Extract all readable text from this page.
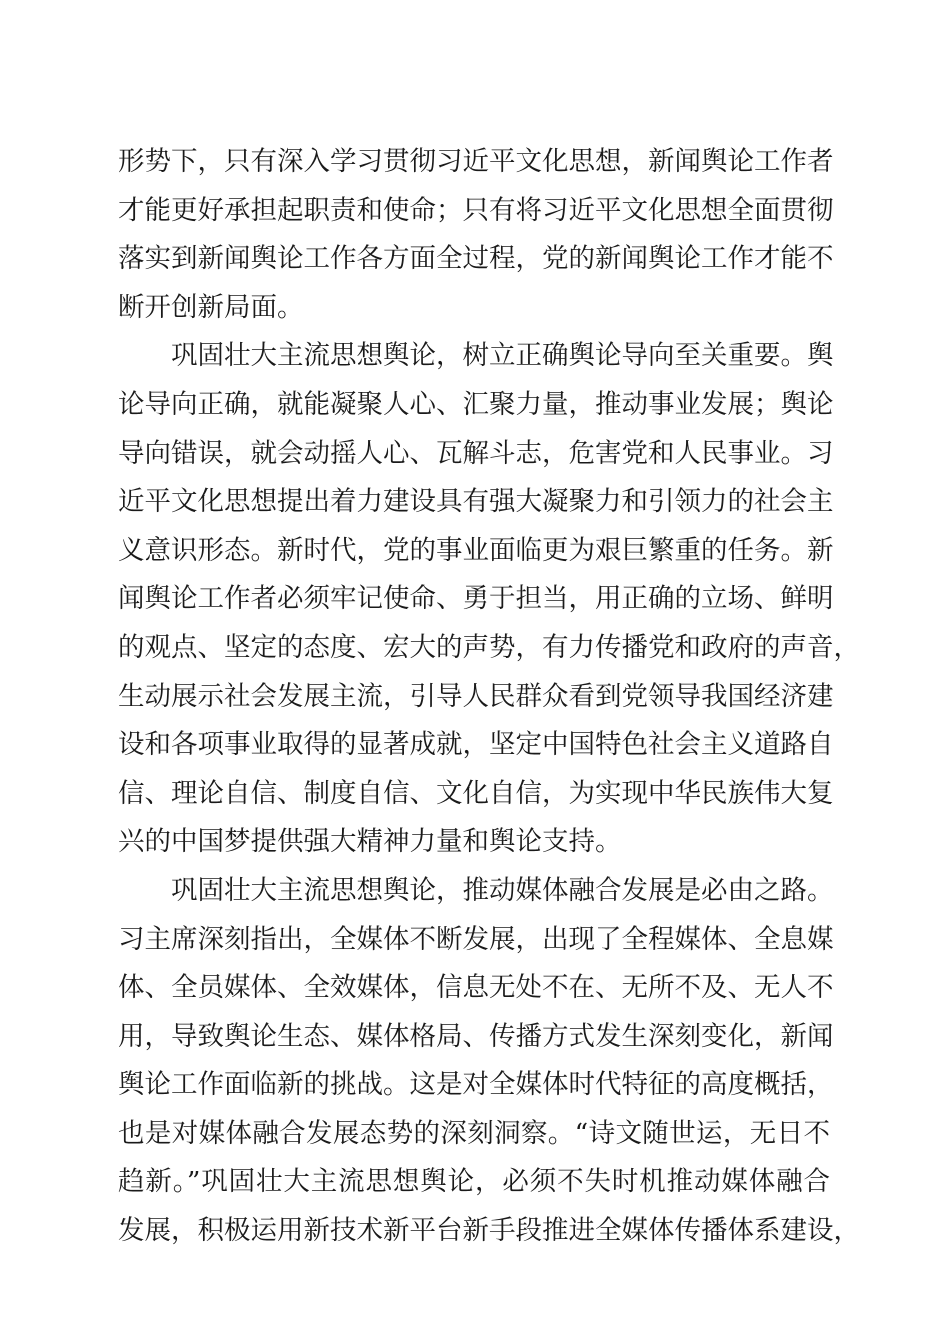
形势下，只有深入学习贯彻习近平文化思想，新闻舆论工作者
才能更好承担起职责和使命；只有将习近平文化思想全面贯彻
落实到新闻舆论工作各方面全过程，党的新闻舆论工作才能不
断开创新局面。
巩固壮大主流思想舆论，树立正确舆论导向至关重要。舆
论导向正确，就能凝聚人心、汇聚力量，推动事业发展；舆论
导向错误，就会动摇人心、瓦解斗志，危害党和人民事业。习
近平文化思想提出着力建设具有强大凝聚力和引领力的社会主
义意识形态。新时代，党的事业面临更为艰巨繁重的任务。新
闻舆论工作者必须牢记使命、勇于担当，用正确的立场、鲜明
的观点、坚定的态度、宏大的声势，有力传播党和政府的声音，
生动展示社会发展主流，引导人民群众看到党领导我国经济建
设和各项事业取得的显著成就，坚定中国特色社会主义道路自
信、理论自信、制度自信、文化自信，为实现中华民族伟大复
兴的中国梦提供强大精神力量和舆论支持。
巩固壮大主流思想舆论，推动媒体融合发展是必由之路。
习主席深刻指出，全媒体不断发展，出现了全程媒体、全息媒
体、全员媒体、全效媒体，信息无处不在、无所不及、无人不
用，导致舆论生态、媒体格局、传播方式发生深刻变化，新闻
舆论工作面临新的挑战。这是对全媒体时代特征的高度概括，
也是对媒体融合发展态势的深刻洞察。“诗文随世运，无日不
趋新。”巩固壮大主流思想舆论，必须不失时机推动媒体融合
发展，积极运用新技术新平台新手段推进全媒体传播体系建设，
